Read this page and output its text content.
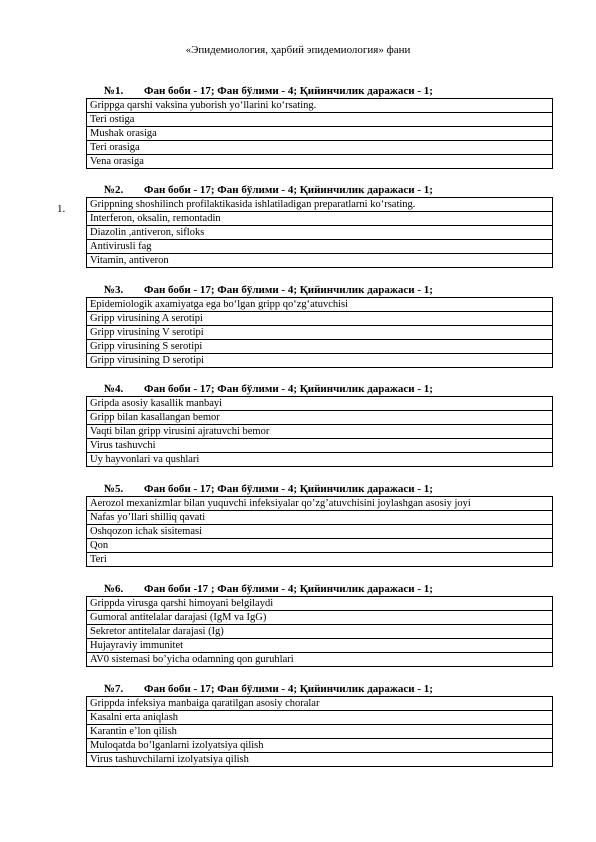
«Эпидемиология, ҳарбий эпидемиология» фани
1.
№1. Фан боби - 17; Фан бўлими - 4; Қийинчилик даражаси - 1;
Grippga qarshi vaksina yuborish yo‘llarini ko‘rsating.
Teri ostiga
Mushak orasiga
Teri orasiga
Vena orasiga
№2. Фан боби - 17; Фан бўлими - 4; Қийинчилик даражаси - 1;
Grippning shoshilinch profilaktikasida ishlatiladigan preparatlarni ko‘rsating.
Interferon, oksalin, remontadin
Diazolin ,antiveron, sifloks
Antivirusli fag
Vitamin, antiveron
№3. Фан боби - 17; Фан бўлими - 4; Қийинчилик даражаси - 1;
Epidemiologik axamiyatga ega bo‘lgan gripp qo‘zg‘atuvchisi
Gripp virusining A serotipi
Gripp virusining V serotipi
Gripp virusining S serotipi
Gripp virusining D serotipi
№4. Фан боби - 17; Фан бўлими - 4; Қийинчилик даражаси - 1;
Gripda asosiy kasallik manbayi
Gripp bilan kasallangan bemor
Vaqti bilan gripp virusini ajratuvchi bemor
Virus tashuvchi
Uy hayvonlari va qushlari
№5. Фан боби - 17; Фан бўлими - 4; Қийинчилик даражаси - 1;
Aerozol mexanizmlar bilan yuquvchi infeksiyalar qo’zg’atuvchisini joylashgan asosiy joyi
Nafas yo’llari shilliq qavati
Oshqozon ichak sisitemasi
Qon
Teri
№6. Фан боби -17 ; Фан бўлими - 4; Қийинчилик даражаси - 1;
Grippda virusga qarshi himoyani belgilaydi
Gumoral antitelalar darajasi (IgM va IgG)
Sekretor antitelalar darajasi (Ig)
Hujayraviy immunitet
AV0 sistemasi bo’yicha odamning qon guruhlari
№7. Фан боби - 17; Фан бўлими - 4; Қийинчилик даражаси - 1;
Grippda infeksiya manbaiga qaratilgan asosiy choralar
Kasalni erta aniqlash
Karantin e’lon qilish
Muloqatda bo’lganlarni izolyatsiya qilish
Virus tashuvchilarni izolyatsiya qilish
